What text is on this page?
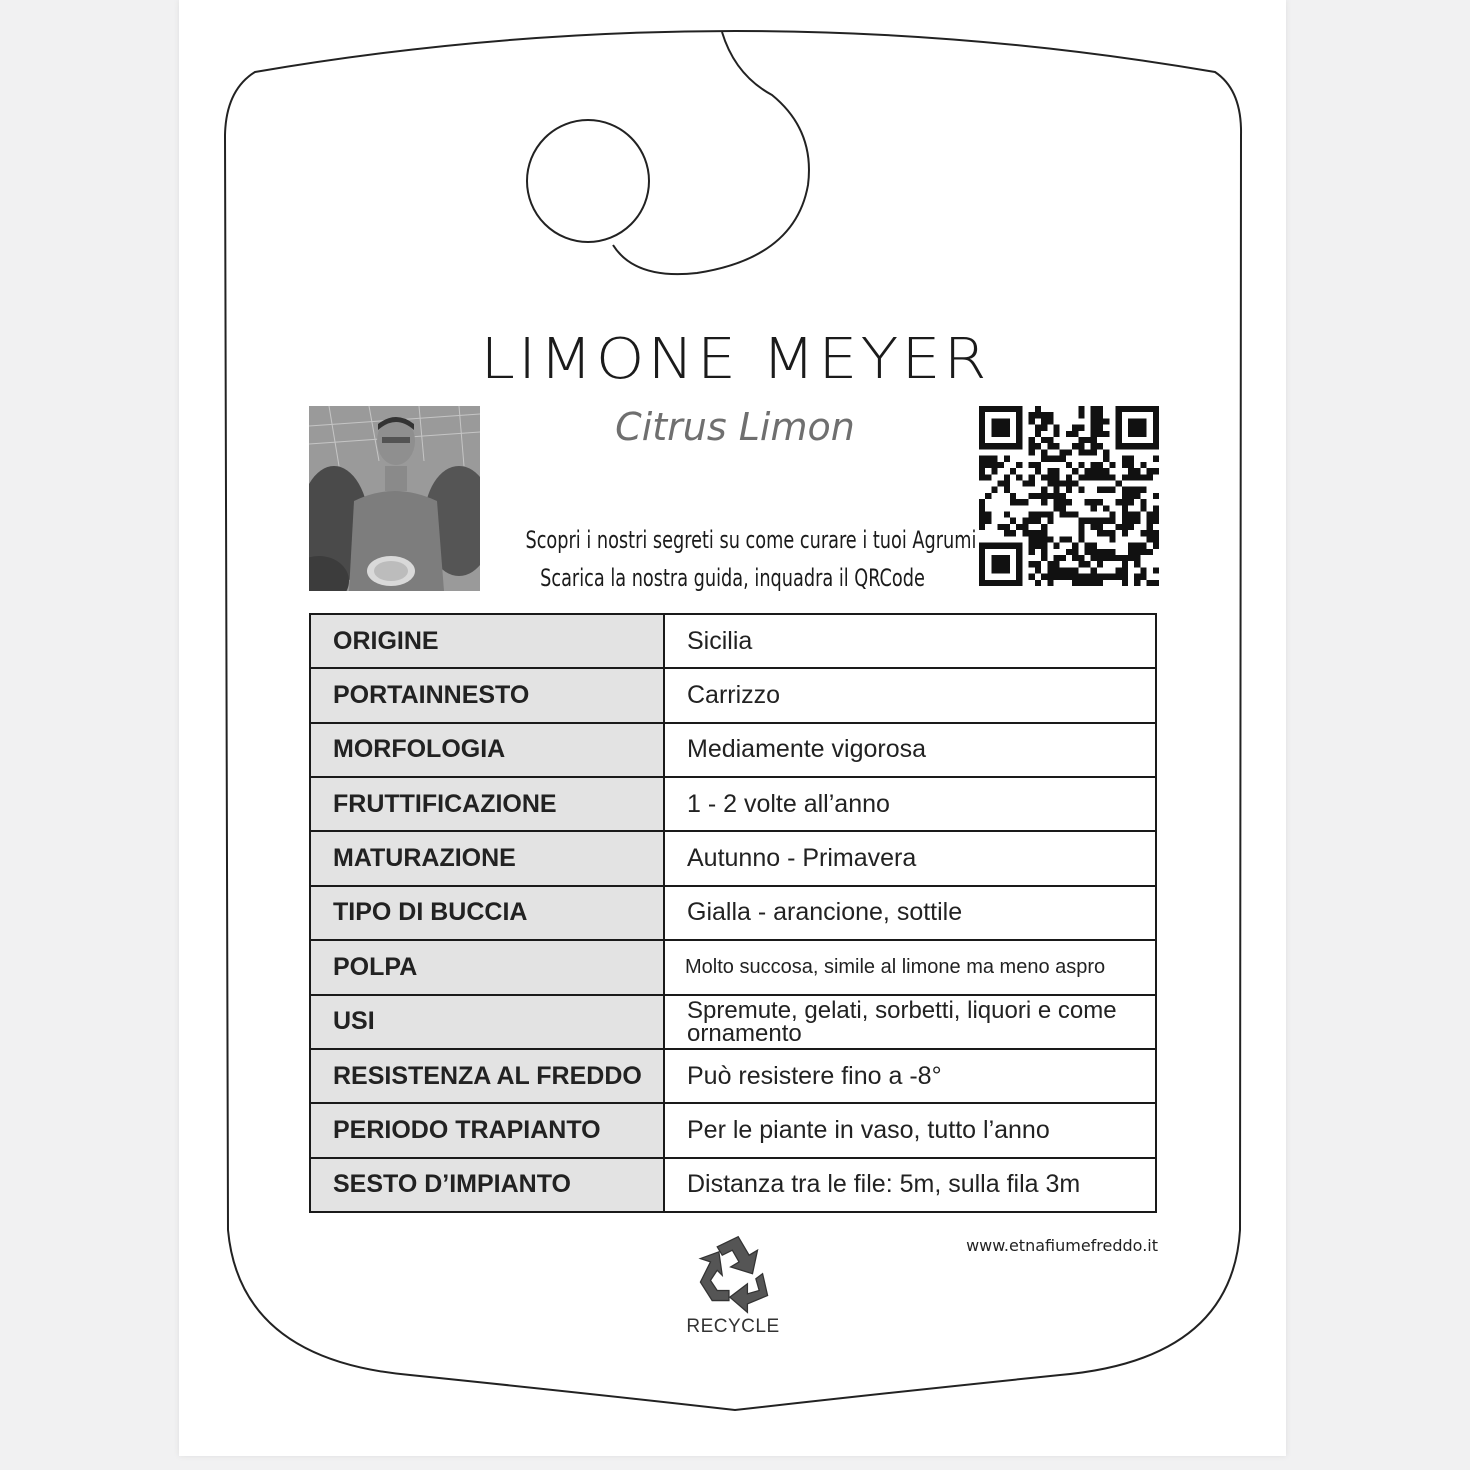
LIMONE MEYER
Citrus Limon
Scopri i nostri segreti su come curare i tuoi Agrumi
Scarica la nostra guida, inquadra il QRCode
ORIGINE	Sicilia
PORTAINNESTO	Carrizzo
MORFOLOGIA	Mediamente vigorosa
FRUTTIFICAZIONE	1 - 2 volte all’anno
MATURAZIONE	Autunno - Primavera
TIPO DI BUCCIA	Gialla - arancione, sottile
POLPA	Molto succosa, simile al limone ma meno aspro
USI	Spremute, gelati, sorbetti, liquori e come ornamento
RESISTENZA AL FREDDO	Può resistere fino a -8°
PERIODO TRAPIANTO	Per le piante in vaso, tutto l’anno
SESTO D’IMPIANTO	Distanza tra le file: 5m, sulla fila 3m
RECYCLE
www.etnafiumefreddo.it
